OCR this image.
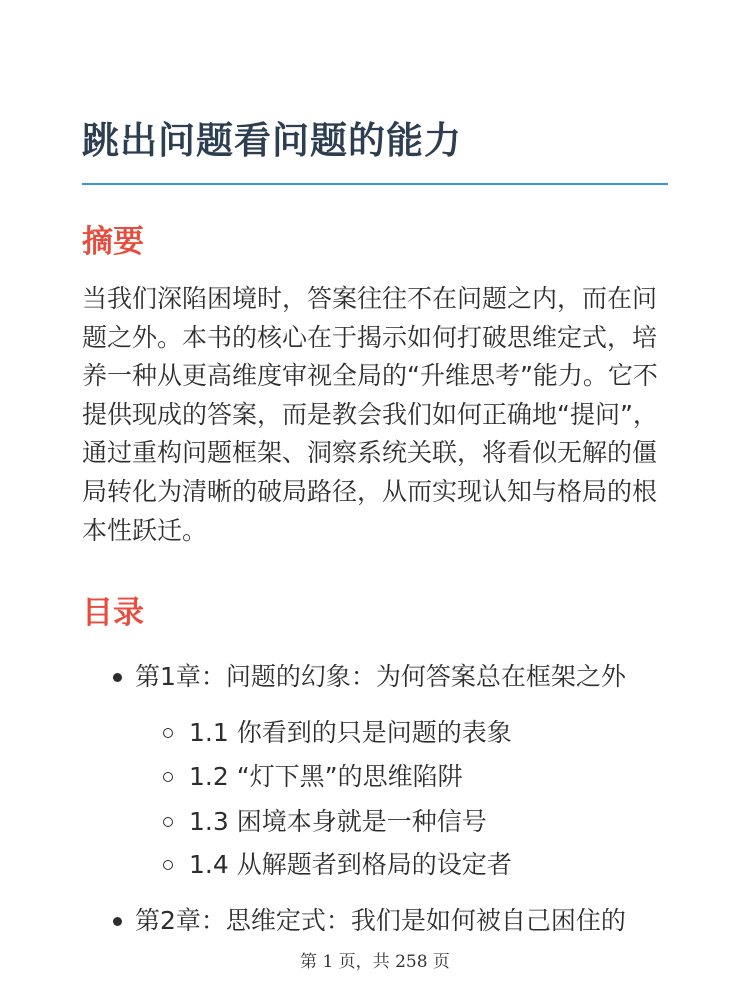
跳出问题看问题的能力
摘要

当我们深陷困境时，答案往往不在问题之内，而在问题之外。本书的核心在于揭示如何打破思维定式，培养一种从更高维度审视全局的“升维思考”能力。它不提供现成的答案，而是教会我们如何正确地“提问”，通过重构问题框架、洞察系统关联，将看似无解的僵局转化为清晰的破局路径，从而实现认知与格局的根本性跃迁。

目录
第1章：问题的幻象：为何答案总在框架之外
1.1 你看到的只是问题的表象
1.2 “灯下黑”的思维陷阱
1.3 困境本身就是一种信号
1.4 从解题者到格局的设定者
第2章：思维定式：我们是如何被自己困住的
第 1 页，共 258 页
